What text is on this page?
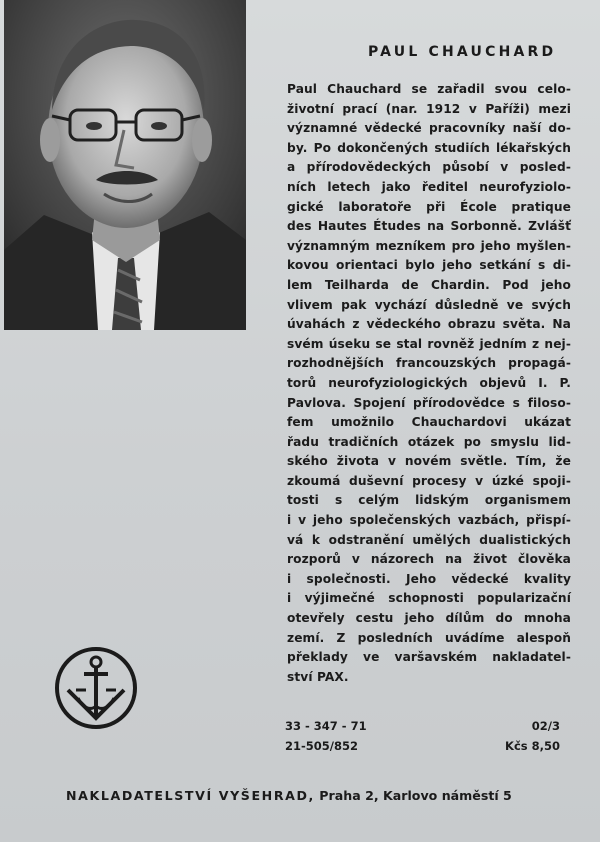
PAUL CHAUCHARD
Paul Chauchard se zařadil svou celo-
životní prací (nar. 1912 v Paříži) mezi
významné vědecké pracovníky naší do-
by. Po dokončených studiích lékařských
a přírodovědeckých působí v posled-
ních letech jako ředitel neurofyziolo-
gické laboratoře při École pratique
des Hautes Études na Sorbonně. Zvlášť
významným mezníkem pro jeho myšlen-
kovou orientaci bylo jeho setkání s di-
lem Teilharda de Chardin. Pod jeho
vlivem pak vychází důsledně ve svých
úvahách z vědeckého obrazu světa. Na
svém úseku se stal rovněž jedním z nej-
rozhodnějších francouzských propagá-
torů neurofyziologických objevů I. P.
Pavlova. Spojení přírodovědce s filoso-
fem umožnilo Chauchardovi ukázat
řadu tradičních otázek po smyslu lid-
ského života v novém světle. Tím, že
zkoumá duševní procesy v úzké spoji-
tosti s celým lidským organismem
i v jeho společenských vazbách, přispí-
vá k odstranění umělých dualistických
rozporů v názorech na život člověka
i společnosti. Jeho vědecké kvality
i výjimečné schopnosti popularizační
otevřely cestu jeho dílům do mnoha
zemí. Z posledních uvádíme alespoň
překlady ve varšavském nakladatel-
ství PAX.
33 - 347 - 71
21-505/852
02/3
Kčs 8,50
NAKLADATELSTVÍ VYŠEHRAD, Praha 2, Karlovo náměstí 5
